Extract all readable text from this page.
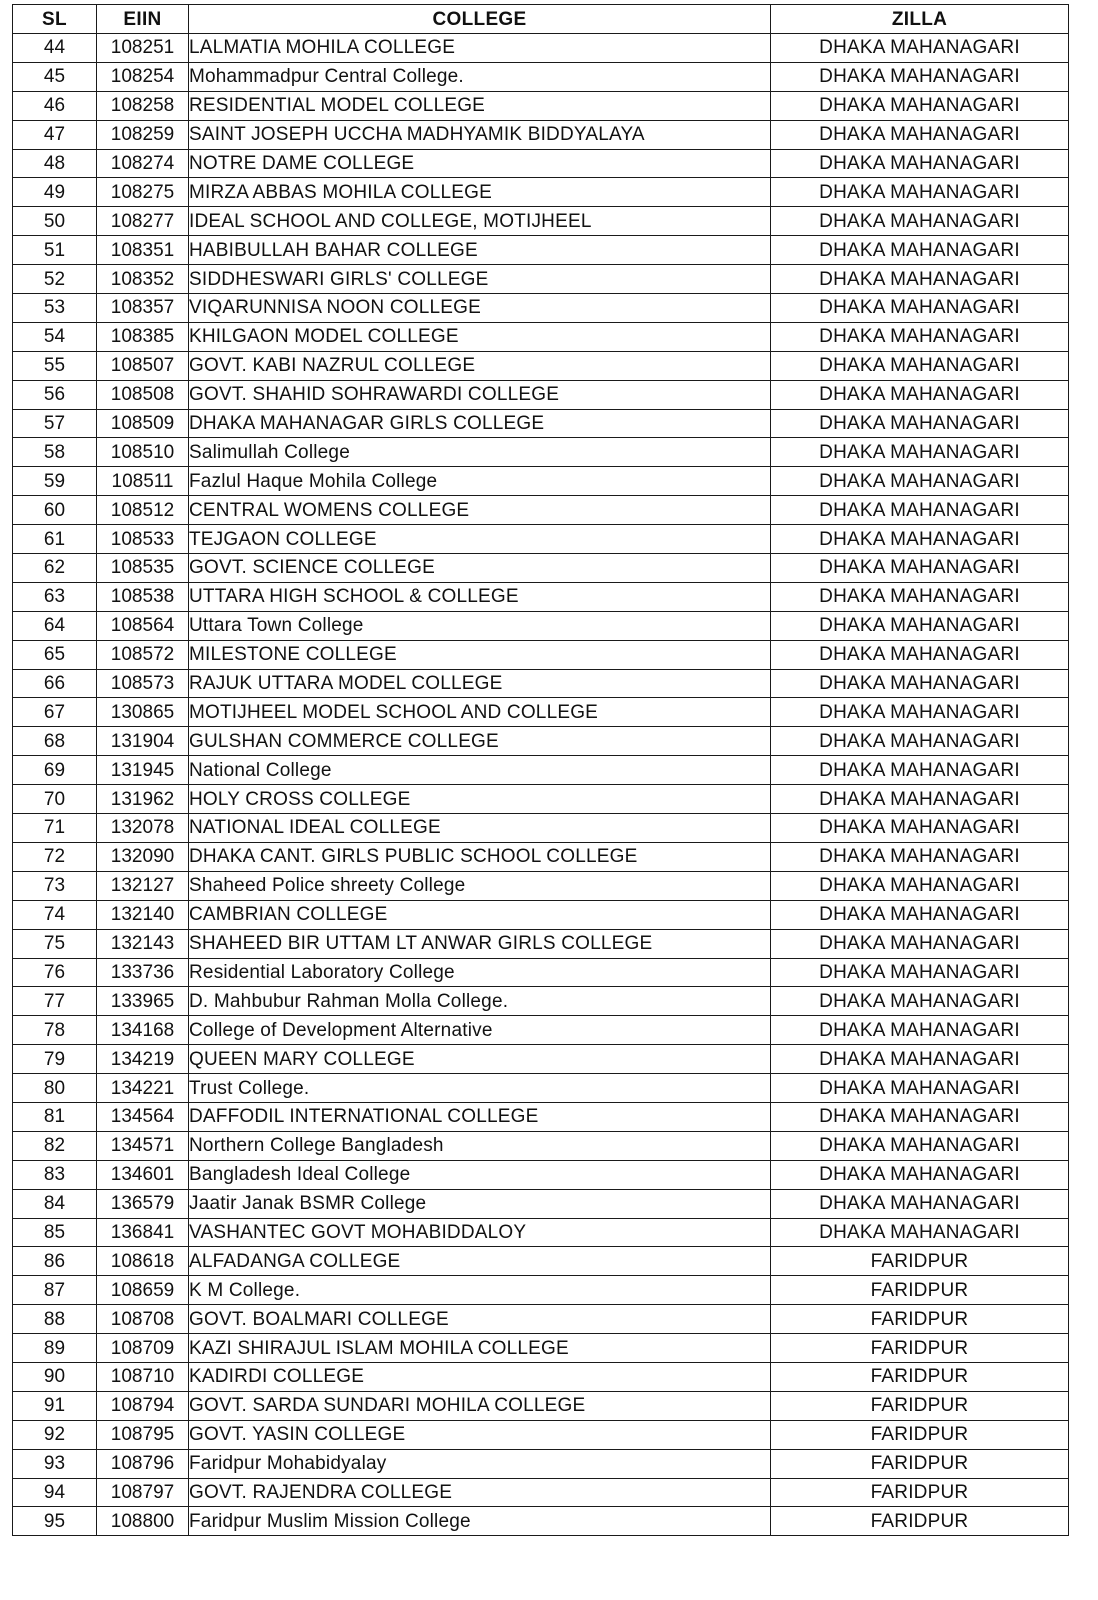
SL	EIIN	COLLEGE	ZILLA
44	108251	LALMATIA MOHILA COLLEGE	DHAKA MAHANAGARI
45	108254	Mohammadpur Central College.	DHAKA MAHANAGARI
46	108258	RESIDENTIAL MODEL COLLEGE	DHAKA MAHANAGARI
47	108259	SAINT JOSEPH UCCHA MADHYAMIK BIDDYALAYA	DHAKA MAHANAGARI
48	108274	NOTRE DAME COLLEGE	DHAKA MAHANAGARI
49	108275	MIRZA ABBAS MOHILA COLLEGE	DHAKA MAHANAGARI
50	108277	IDEAL SCHOOL AND COLLEGE, MOTIJHEEL	DHAKA MAHANAGARI
51	108351	HABIBULLAH BAHAR COLLEGE	DHAKA MAHANAGARI
52	108352	SIDDHESWARI GIRLS' COLLEGE	DHAKA MAHANAGARI
53	108357	VIQARUNNISA NOON COLLEGE	DHAKA MAHANAGARI
54	108385	KHILGAON MODEL COLLEGE	DHAKA MAHANAGARI
55	108507	GOVT. KABI NAZRUL COLLEGE	DHAKA MAHANAGARI
56	108508	GOVT. SHAHID SOHRAWARDI COLLEGE	DHAKA MAHANAGARI
57	108509	DHAKA MAHANAGAR GIRLS COLLEGE	DHAKA MAHANAGARI
58	108510	Salimullah College	DHAKA MAHANAGARI
59	108511	Fazlul Haque Mohila College	DHAKA MAHANAGARI
60	108512	CENTRAL WOMENS COLLEGE	DHAKA MAHANAGARI
61	108533	TEJGAON COLLEGE	DHAKA MAHANAGARI
62	108535	GOVT. SCIENCE COLLEGE	DHAKA MAHANAGARI
63	108538	UTTARA HIGH SCHOOL & COLLEGE	DHAKA MAHANAGARI
64	108564	Uttara Town College	DHAKA MAHANAGARI
65	108572	MILESTONE COLLEGE	DHAKA MAHANAGARI
66	108573	RAJUK UTTARA MODEL COLLEGE	DHAKA MAHANAGARI
67	130865	MOTIJHEEL MODEL SCHOOL AND COLLEGE	DHAKA MAHANAGARI
68	131904	GULSHAN COMMERCE COLLEGE	DHAKA MAHANAGARI
69	131945	National College	DHAKA MAHANAGARI
70	131962	HOLY CROSS COLLEGE	DHAKA MAHANAGARI
71	132078	NATIONAL IDEAL COLLEGE	DHAKA MAHANAGARI
72	132090	DHAKA CANT. GIRLS PUBLIC SCHOOL COLLEGE	DHAKA MAHANAGARI
73	132127	Shaheed Police shreety College	DHAKA MAHANAGARI
74	132140	CAMBRIAN COLLEGE	DHAKA MAHANAGARI
75	132143	SHAHEED BIR UTTAM LT ANWAR GIRLS COLLEGE	DHAKA MAHANAGARI
76	133736	Residential Laboratory College	DHAKA MAHANAGARI
77	133965	D. Mahbubur Rahman Molla College.	DHAKA MAHANAGARI
78	134168	College of Development Alternative	DHAKA MAHANAGARI
79	134219	QUEEN MARY COLLEGE	DHAKA MAHANAGARI
80	134221	Trust College.	DHAKA MAHANAGARI
81	134564	DAFFODIL INTERNATIONAL COLLEGE	DHAKA MAHANAGARI
82	134571	Northern College Bangladesh	DHAKA MAHANAGARI
83	134601	Bangladesh Ideal College	DHAKA MAHANAGARI
84	136579	Jaatir Janak BSMR College	DHAKA MAHANAGARI
85	136841	VASHANTEC GOVT MOHABIDDALOY	DHAKA MAHANAGARI
86	108618	ALFADANGA COLLEGE	FARIDPUR
87	108659	K M College.	FARIDPUR
88	108708	GOVT. BOALMARI COLLEGE	FARIDPUR
89	108709	KAZI SHIRAJUL ISLAM MOHILA COLLEGE	FARIDPUR
90	108710	KADIRDI COLLEGE	FARIDPUR
91	108794	GOVT. SARDA SUNDARI MOHILA COLLEGE	FARIDPUR
92	108795	GOVT. YASIN COLLEGE	FARIDPUR
93	108796	Faridpur Mohabidyalay	FARIDPUR
94	108797	GOVT. RAJENDRA COLLEGE	FARIDPUR
95	108800	Faridpur Muslim Mission College	FARIDPUR
